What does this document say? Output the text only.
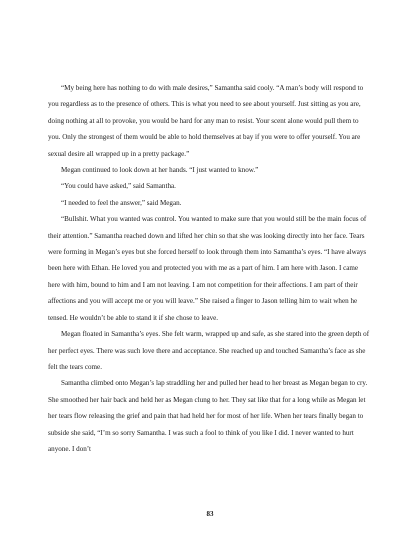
“My being here has nothing to do with male desires,” Samantha said cooly. “A man’s body will respond to you regardless as to the presence of others. This is what you need to see about yourself. Just sitting as you are, doing nothing at all to provoke, you would be hard for any man to resist. Your scent alone would pull them to you. Only the strongest of them would be able to hold themselves at bay if you were to offer yourself. You are sexual desire all wrapped up in a pretty package.”

Megan continued to look down at her hands. “I just wanted to know.”

“You could have asked,” said Samantha.

“I needed to feel the answer,” said Megan.

“Bullshit. What you wanted was control. You wanted to make sure that you would still be the main focus of their attention.” Samantha reached down and lifted her chin so that she was looking directly into her face. Tears were forming in Megan’s eyes but she forced herself to look through them into Samantha’s eyes. “I have always been here with Ethan. He loved you and protected you with me as a part of him. I am here with Jason. I came here with him, bound to him and I am not leaving. I am not competition for their affections. I am part of their affections and you will accept me or you will leave.” She raised a finger to Jason telling him to wait when he tensed. He wouldn’t be able to stand it if she chose to leave.

Megan floated in Samantha’s eyes. She felt warm, wrapped up and safe, as she stared into the green depth of her perfect eyes. There was such love there and acceptance. She reached up and touched Samantha’s face as she felt the tears come.

Samantha climbed onto Megan’s lap straddling her and pulled her head to her breast as Megan began to cry. She smoothed her hair back and held her as Megan clung to her. They sat like that for a long while as Megan let her tears flow releasing the grief and pain that had held her for most of her life. When her tears finally began to subside she said, “I’m so sorry Samantha. I was such a fool to think of you like I did. I never wanted to hurt anyone. I don’t

83
